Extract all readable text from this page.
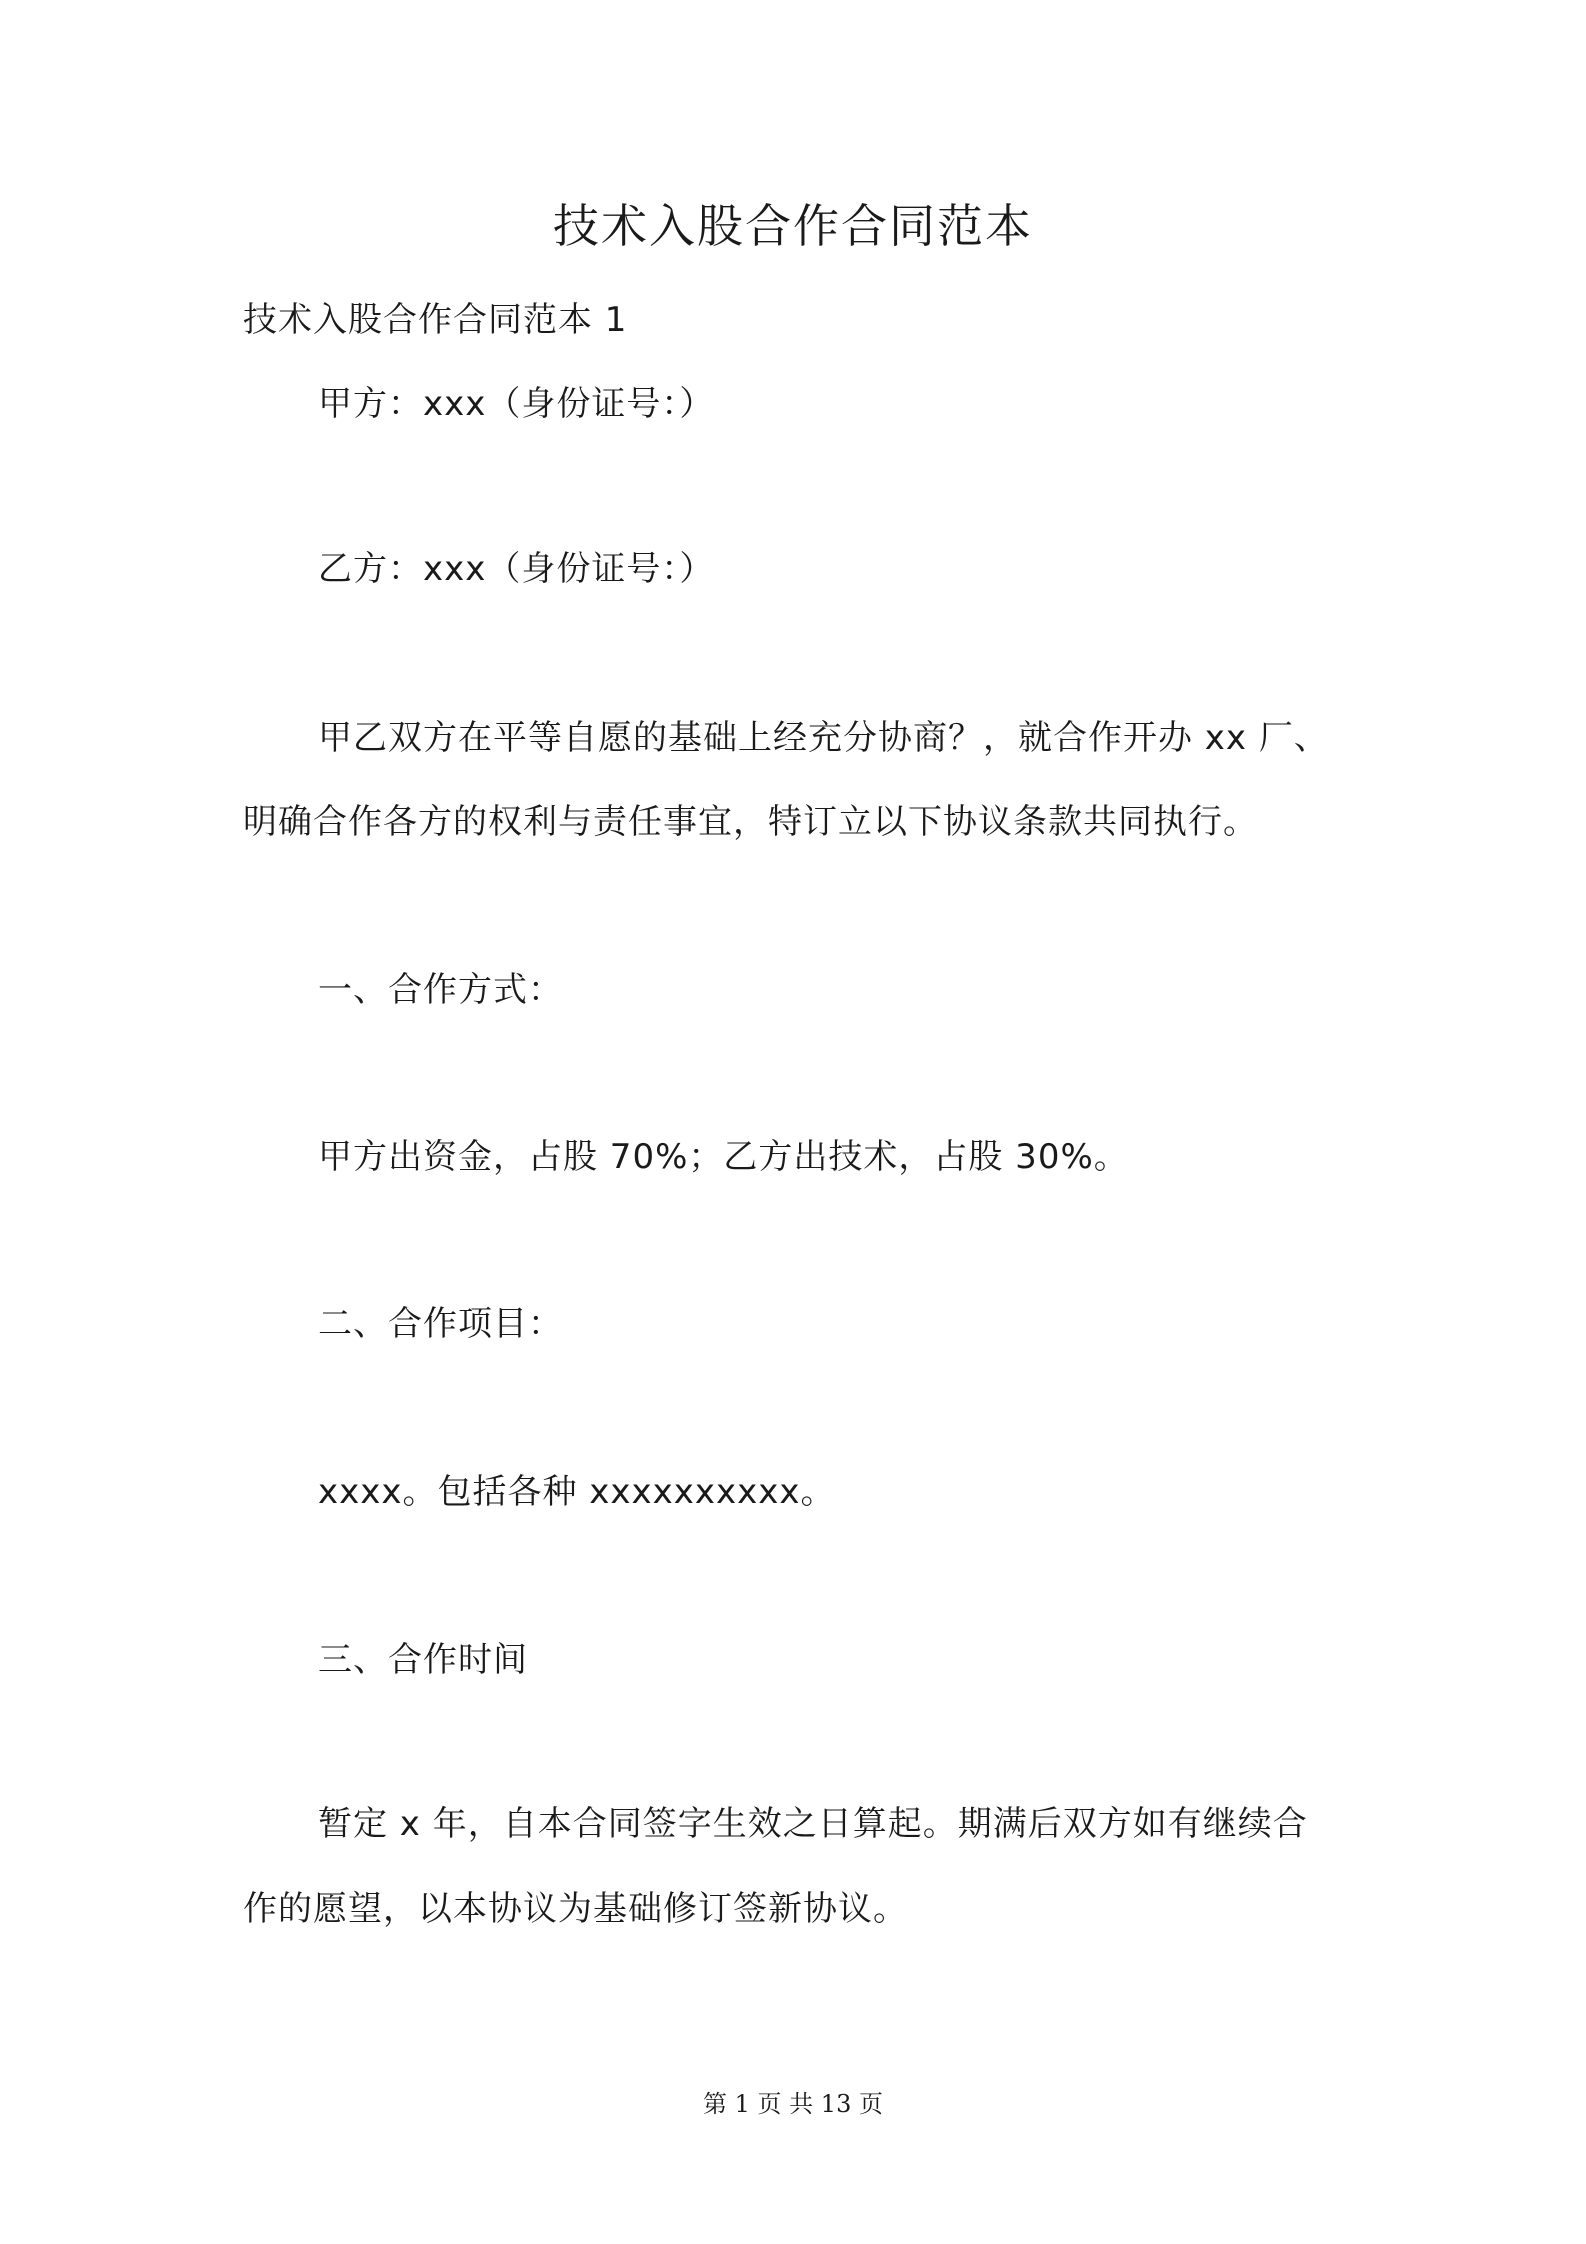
技术入股合作合同范本
技术入股合作合同范本 1
甲方：xxx（身份证号：）
乙方：xxx（身份证号：）
甲乙双方在平等自愿的基础上经充分协商？，就合作开办 xx 厂、
明确合作各方的权利与责任事宜，特订立以下协议条款共同执行。
一、合作方式：
甲方出资金，占股 70%；乙方出技术，占股 30%。
二、合作项目：
xxxx。包括各种 xxxxxxxxxx。
三、合作时间
暂定 x 年，自本合同签字生效之日算起。期满后双方如有继续合
作的愿望，以本协议为基础修订签新协议。
第 1 页 共 13 页
